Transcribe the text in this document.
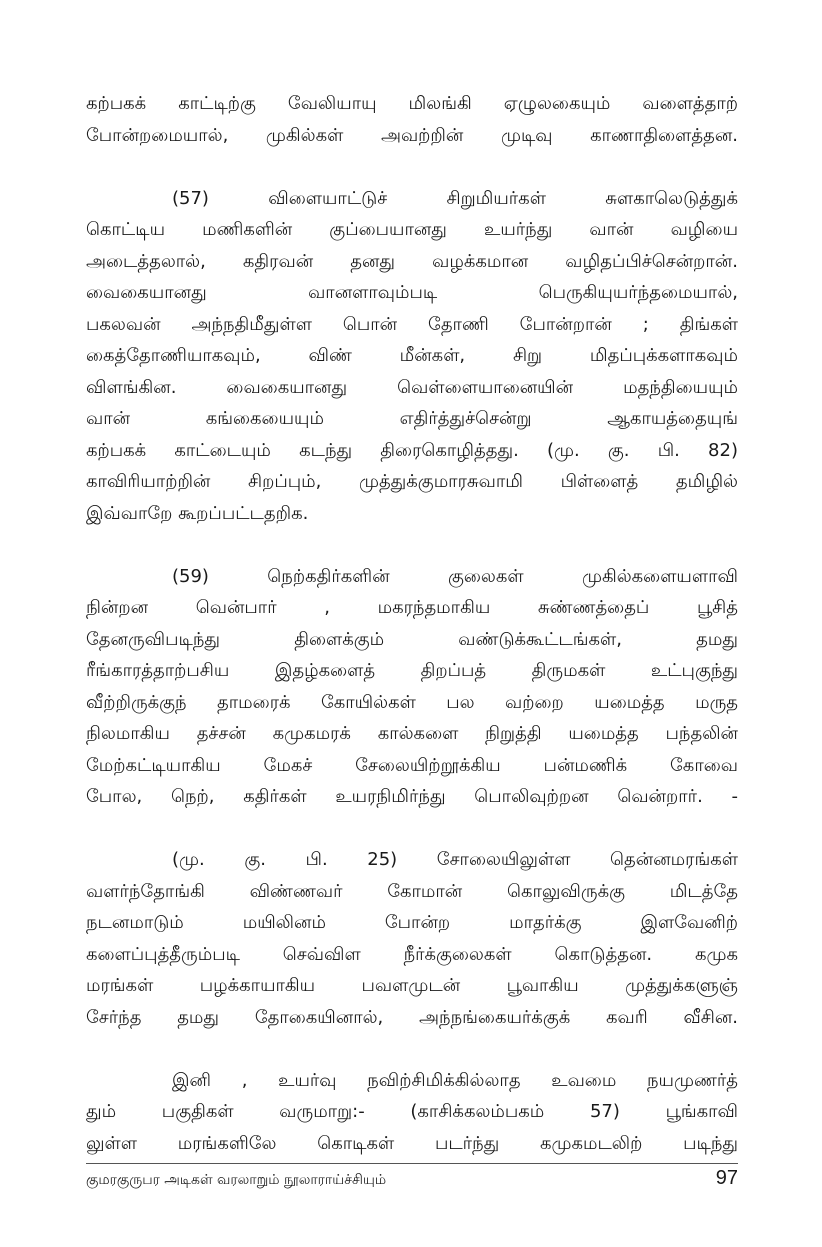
கற்பகக் காட்டிற்கு வேலியாயு மிலங்கி ஏழுலகையும் வளைத்தாற்
போன்றமையால், முகில்கள் அவற்றின் முடிவு காணாதிளைத்தன.

(57) விளையாட்டுச் சிறுமியர்கள் சுளகாலெடுத்துக்
கொட்டிய மணிகளின் குப்பையானது உயர்ந்து வான் வழியை
அடைத்தலால், கதிரவன் தனது வழக்கமான வழிதப்பிச்சென்றான்.
வைகையானது வானளாவும்படி பெருகியுயர்ந்தமையால்,
பகலவன் அந்நதிமீதுள்ள பொன் தோணி போன்றான் ; திங்கள்
கைத்தோணியாகவும், விண் மீன்கள், சிறு மிதப்புக்களாகவும்
விளங்கின. வைகையானது வெள்ளையானையின் மதந்தியையும்
வான் கங்கையையும் எதிர்த்துச்சென்று ஆகாயத்தையுங்
கற்பகக் காட்டையும் கடந்து திரைகொழித்தது. (மு. கு. பி. 82)
காவிரியாற்றின் சிறப்பும், முத்துக்குமாரசுவாமி பிள்ளைத் தமிழில்
இவ்வாறே கூறப்பட்டதறிக.

(59) நெற்கதிர்களின் குலைகள் முகில்களையளாவி
நின்றன வென்பார் , மகரந்தமாகிய சுண்ணத்தைப் பூசித்
தேனருவிபடிந்து திளைக்கும் வண்டுக்கூட்டங்கள், தமது
ரீங்காரத்தாற்பசிய இதழ்களைத் திறப்பத் திருமகள் உட்புகுந்து
வீற்றிருக்குந் தாமரைக் கோயில்கள் பல வற்றை யமைத்த மருத
நிலமாகிய தச்சன் கமுகமரக் கால்களை நிறுத்தி யமைத்த பந்தலின்
மேற்கட்டியாகிய மேகச் சேலையிற்றூக்கிய பன்மணிக் கோவை
போல, நெற், கதிர்கள் உயரநிமிர்ந்து பொலிவுற்றன வென்றார். -

(மு. கு. பி. 25) சோலையிலுள்ள தென்னமரங்கள்
வளர்ந்தோங்கி விண்ணவர் கோமான் கொலுவிருக்கு மிடத்தே
நடனமாடும் மயிலினம் போன்ற மாதர்க்கு இளவேனிற்
களைப்புத்தீரும்படி செவ்விள நீர்க்குலைகள் கொடுத்தன. கமுக
மரங்கள் பழக்காயாகிய பவளமுடன் பூவாகிய முத்துக்களுஞ்
சேர்ந்த தமது தோகையினால், அந்நங்கையர்க்குக் கவரி வீசின.

இனி , உயர்வு நவிற்சிமிக்கில்லாத உவமை நயமுணர்த்
தும் பகுதிகள் வருமாறு:- (காசிக்கலம்பகம் 57) பூங்காவி
லுள்ள மரங்களிலே கொடிகள் படர்ந்து கமுகமடலிற் படிந்து

குமரகுருபர அடிகள் வரலாறும் நூலாராய்ச்சியும்	97
